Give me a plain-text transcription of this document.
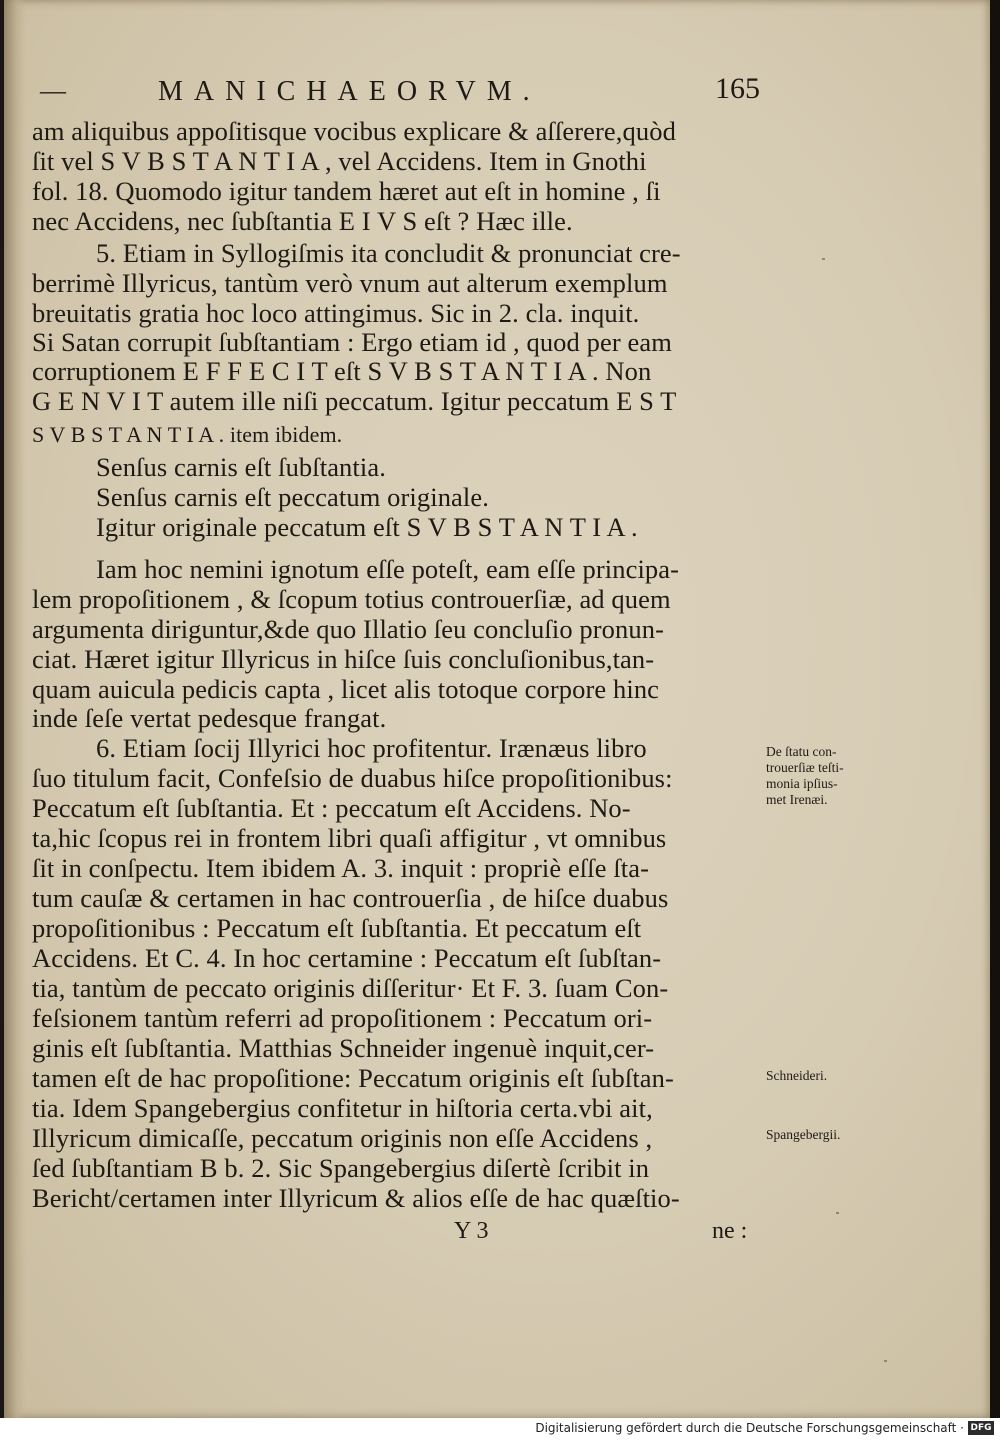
—	MANICHAEORVM.	165
am aliquibus appoſitisque vocibus explicare & aſſerere,quòd
ſit vel S V B S T A N T I A , vel Accidens. Item in Gnothi
fol. 18. Quomodo igitur tandem hæret aut eſt in homine , ſi
nec Accidens, nec ſubſtantia E I V S eſt ? Hæc ille.
5. Etiam in Syllogiſmis ita concludit & pronunciat cre-
berrimè Illyricus, tantùm verò vnum aut alterum exemplum
breuitatis gratia hoc loco attingimus. Sic in 2. cla. inquit.
Si Satan corrupit ſubſtantiam : Ergo etiam id , quod per eam
corruptionem E F F E C I T eſt S V B S T A N T I A . Non
G E N V I T autem ille niſi peccatum. Igitur peccatum E S T
S V B S T A N T I A . item ibidem.
Senſus carnis eſt ſubſtantia.
Senſus carnis eſt peccatum originale.
Igitur originale peccatum eſt S V B S T A N T I A .
Iam hoc nemini ignotum eſſe poteſt, eam eſſe principa-
lem propoſitionem , & ſcopum totius controuerſiæ, ad quem
argumenta diriguntur,&de quo Illatio ſeu concluſio pronun-
ciat. Hæret igitur Illyricus in hiſce ſuis concluſionibus,tan-
quam auicula pedicis capta , licet alis totoque corpore hinc
inde ſeſe vertat pedesque frangat.
6. Etiam ſocij Illyrici hoc profitentur. Irænæus libro
ſuo titulum facit, Confeſsio de duabus hiſce propoſitionibus:
Peccatum eſt ſubſtantia. Et : peccatum eſt Accidens. No-
ta,hic ſcopus rei in frontem libri quaſi affigitur , vt omnibus
ſit in conſpectu. Item ibidem A. 3. inquit : propriè eſſe ſta-
tum cauſæ & certamen in hac controuerſia , de hiſce duabus
propoſitionibus : Peccatum eſt ſubſtantia. Et peccatum eſt
Accidens. Et C. 4. In hoc certamine : Peccatum eſt ſubſtan-
tia, tantùm de peccato originis diſſeritur· Et F. 3. ſuam Con-
feſsionem tantùm referri ad propoſitionem : Peccatum ori-
ginis eſt ſubſtantia. Matthias Schneider ingenuè inquit,cer-
tamen eſt de hac propoſitione: Peccatum originis eſt ſubſtan-
tia. Idem Spangebergius confitetur in hiſtoria certa.vbi ait,
Illyricum dimicaſſe, peccatum originis non eſſe Accidens ,
ſed ſubſtantiam B b. 2. Sic Spangebergius diſertè ſcribit in
Bericht/certamen inter Illyricum & alios eſſe de hac quæſtio-
De ſtatu con-
trouerſiæ teſti-
monia ipſius-
met Irenæi.
Schneideri.
Spangebergii.
Y 3	ne :
Digitalisierung gefördert durch die Deutsche Forschungsgemeinschaft · DFG
